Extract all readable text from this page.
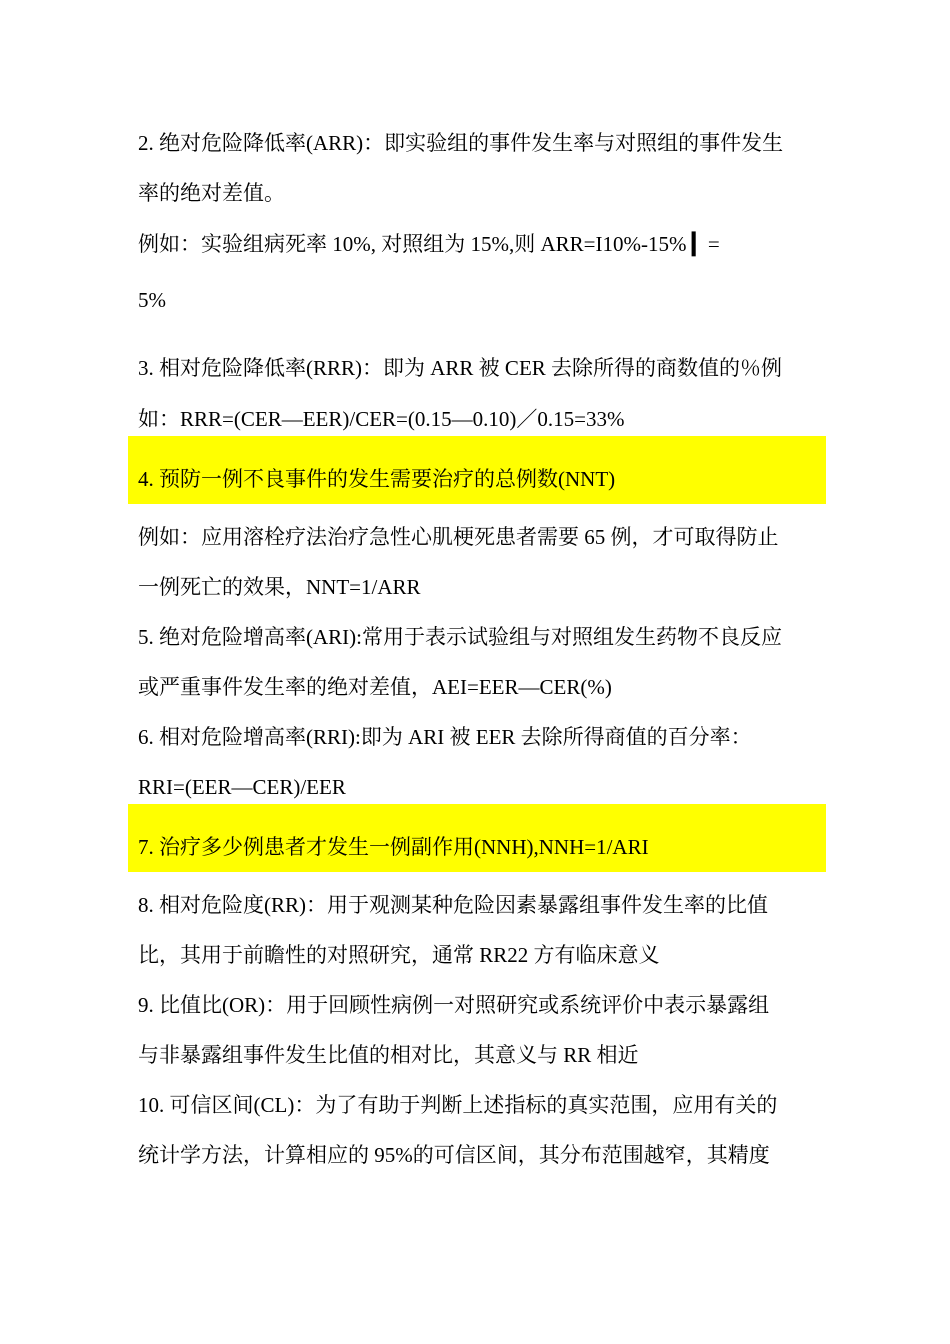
2. 绝对危险降低率(ARR)：即实验组的事件发生率与对照组的事件发生
率的绝对差值。
例如：实验组病死率 10%, 对照组为 15%,则 ARR=I10%-15% ▎=
5%
3. 相对危险降低率(RRR)：即为 ARR 被 CER 去除所得的商数值的％例
如：RRR=(CER—EER)/CER=(0.15—0.10)／0.15=33%
4. 预防一例不良事件的发生需要治疗的总例数(NNT)
例如：应用溶栓疗法治疗急性心肌梗死患者需要 65 例，才可取得防止
一例死亡的效果，NNT=1/ARR
5. 绝对危险增高率(ARI):常用于表示试验组与对照组发生药物不良反应
或严重事件发生率的绝对差值，AEI=EER—CER(%)
6. 相对危险增高率(RRI):即为 ARI 被 EER 去除所得商值的百分率：
RRI=(EER—CER)/EER
7. 治疗多少例患者才发生一例副作用(NNH),NNH=1/ARI
8. 相对危险度(RR)：用于观测某种危险因素暴露组事件发生率的比值
比，其用于前瞻性的对照研究，通常 RR22 方有临床意义
9. 比值比(OR)：用于回顾性病例一对照研究或系统评价中表示暴露组
与非暴露组事件发生比值的相对比，其意义与 RR 相近
10. 可信区间(CL)：为了有助于判断上述指标的真实范围，应用有关的
统计学方法，计算相应的 95%的可信区间，其分布范围越窄，其精度
